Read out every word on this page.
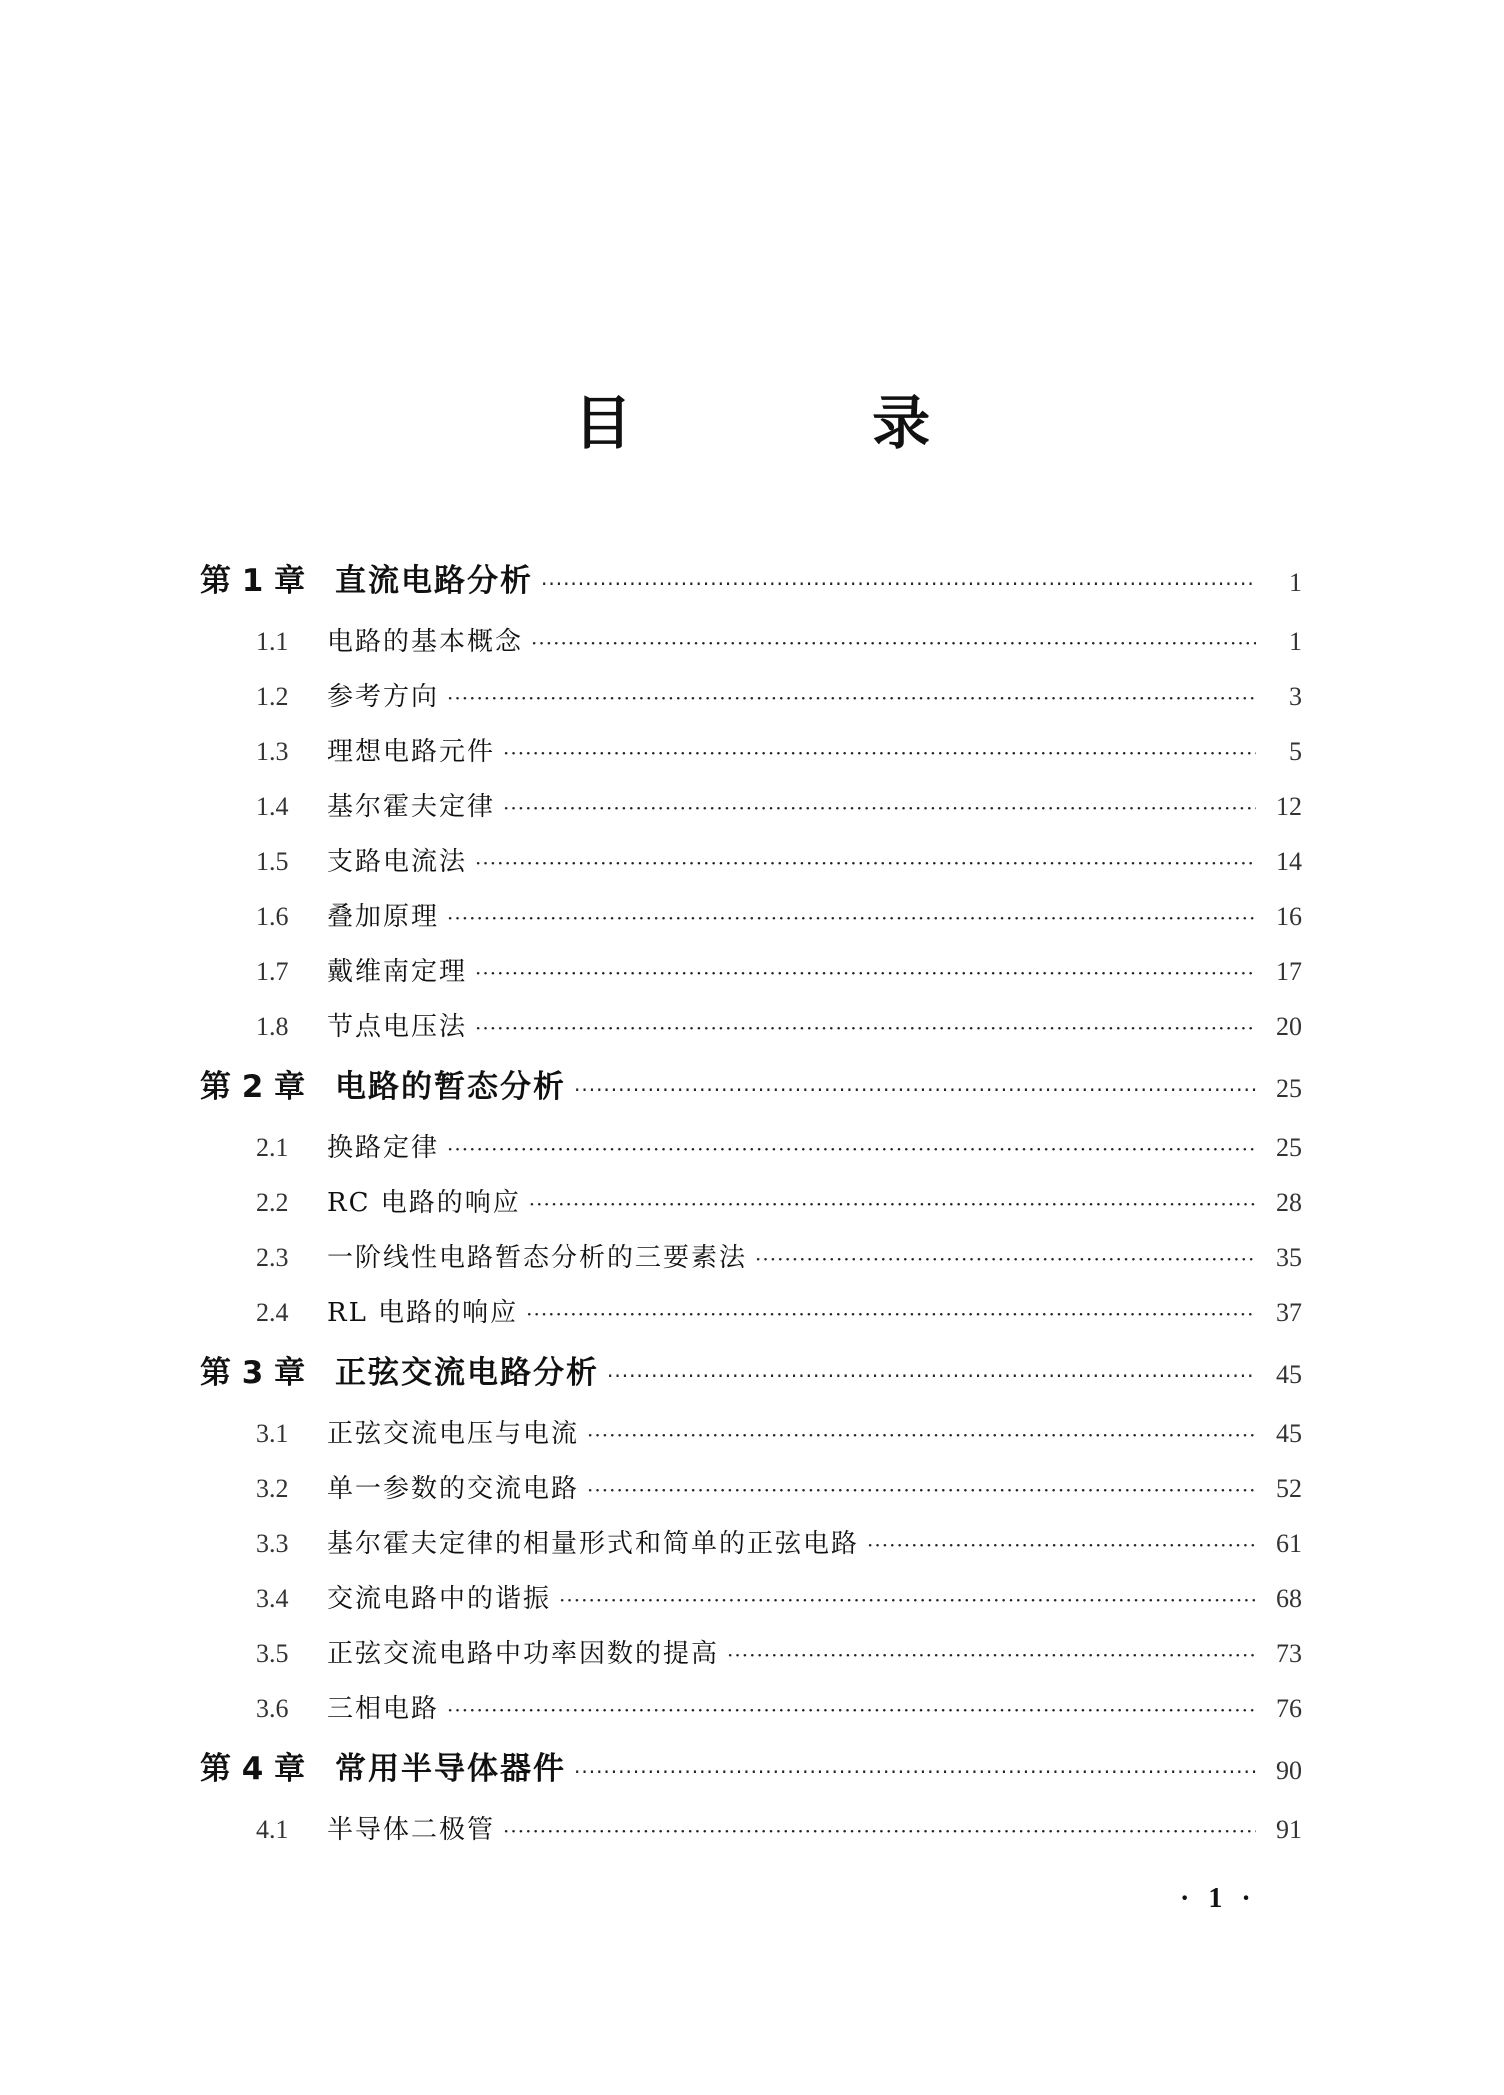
目 录
第 1 章 直流电路分析 ·····	1
1.1	电路的基本概念 ·····	1
1.2	参考方向 ·····	3
1.3	理想电路元件 ·····	5
1.4	基尔霍夫定律 ·····	12
1.5	支路电流法 ·····	14
1.6	叠加原理 ·····	16
1.7	戴维南定理 ·····	17
1.8	节点电压法 ·····	20
第 2 章 电路的暂态分析 ·····	25
2.1	换路定律 ·····	25
2.2	RC 电路的响应 ·····	28
2.3	一阶线性电路暂态分析的三要素法 ·····	35
2.4	RL 电路的响应 ·····	37
第 3 章 正弦交流电路分析 ·····	45
3.1	正弦交流电压与电流 ·····	45
3.2	单一参数的交流电路 ·····	52
3.3	基尔霍夫定律的相量形式和简单的正弦电路 ·····	61
3.4	交流电路中的谐振 ·····	68
3.5	正弦交流电路中功率因数的提高 ·····	73
3.6	三相电路 ·····	76
第 4 章 常用半导体器件 ·····	90
4.1	半导体二极管 ·····	91
· 1 ·
